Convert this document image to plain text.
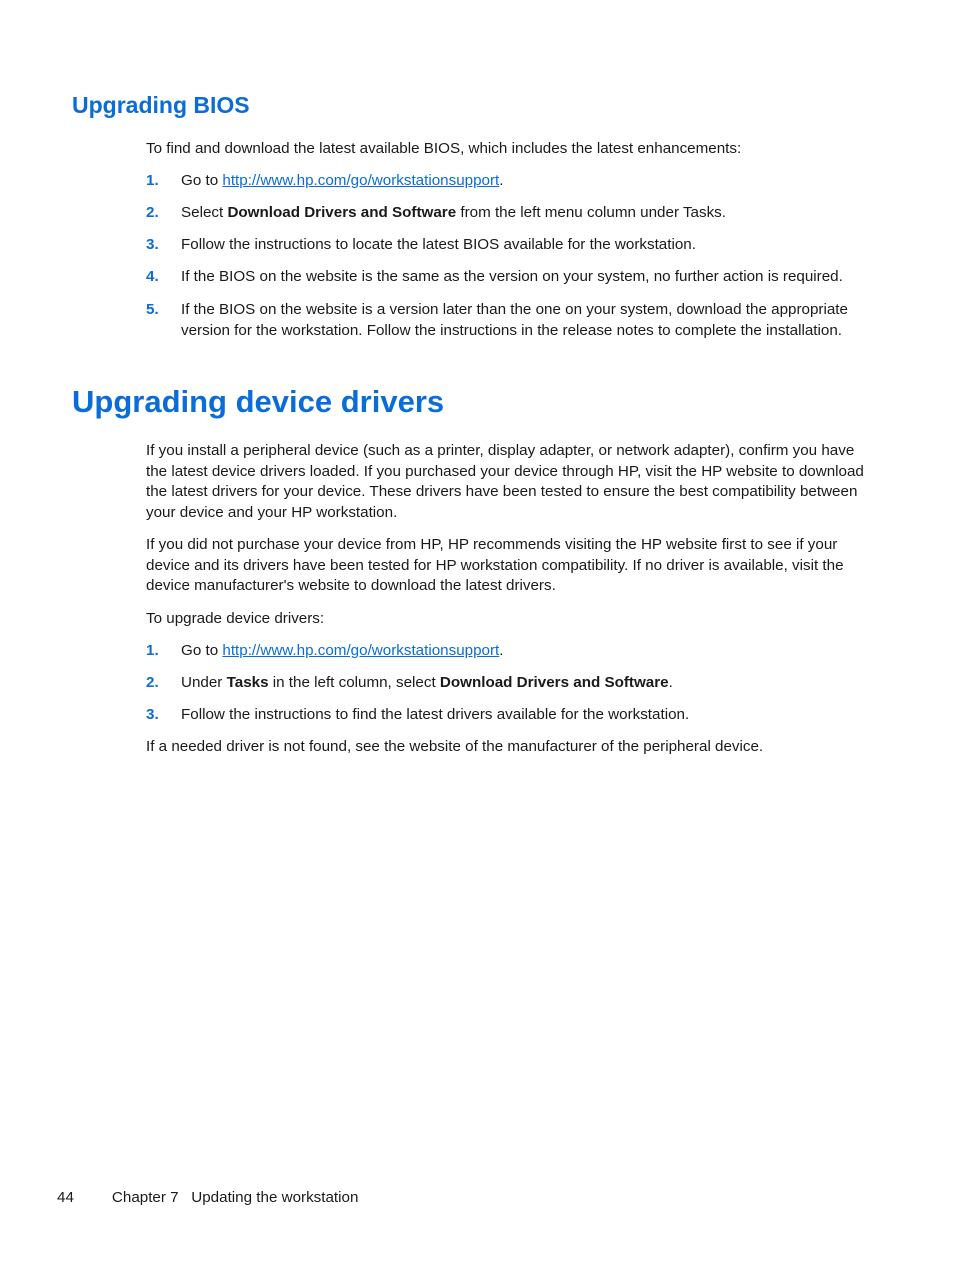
Upgrading BIOS
To find and download the latest available BIOS, which includes the latest enhancements:
1. Go to http://www.hp.com/go/workstationsupport.
2. Select Download Drivers and Software from the left menu column under Tasks.
3. Follow the instructions to locate the latest BIOS available for the workstation.
4. If the BIOS on the website is the same as the version on your system, no further action is required.
5. If the BIOS on the website is a version later than the one on your system, download the appropriate version for the workstation. Follow the instructions in the release notes to complete the installation.
Upgrading device drivers
If you install a peripheral device (such as a printer, display adapter, or network adapter), confirm you have the latest device drivers loaded. If you purchased your device through HP, visit the HP website to download the latest drivers for your device. These drivers have been tested to ensure the best compatibility between your device and your HP workstation.
If you did not purchase your device from HP, HP recommends visiting the HP website first to see if your device and its drivers have been tested for HP workstation compatibility. If no driver is available, visit the device manufacturer's website to download the latest drivers.
To upgrade device drivers:
1. Go to http://www.hp.com/go/workstationsupport.
2. Under Tasks in the left column, select Download Drivers and Software.
3. Follow the instructions to find the latest drivers available for the workstation.
If a needed driver is not found, see the website of the manufacturer of the peripheral device.
44	Chapter 7   Updating the workstation
